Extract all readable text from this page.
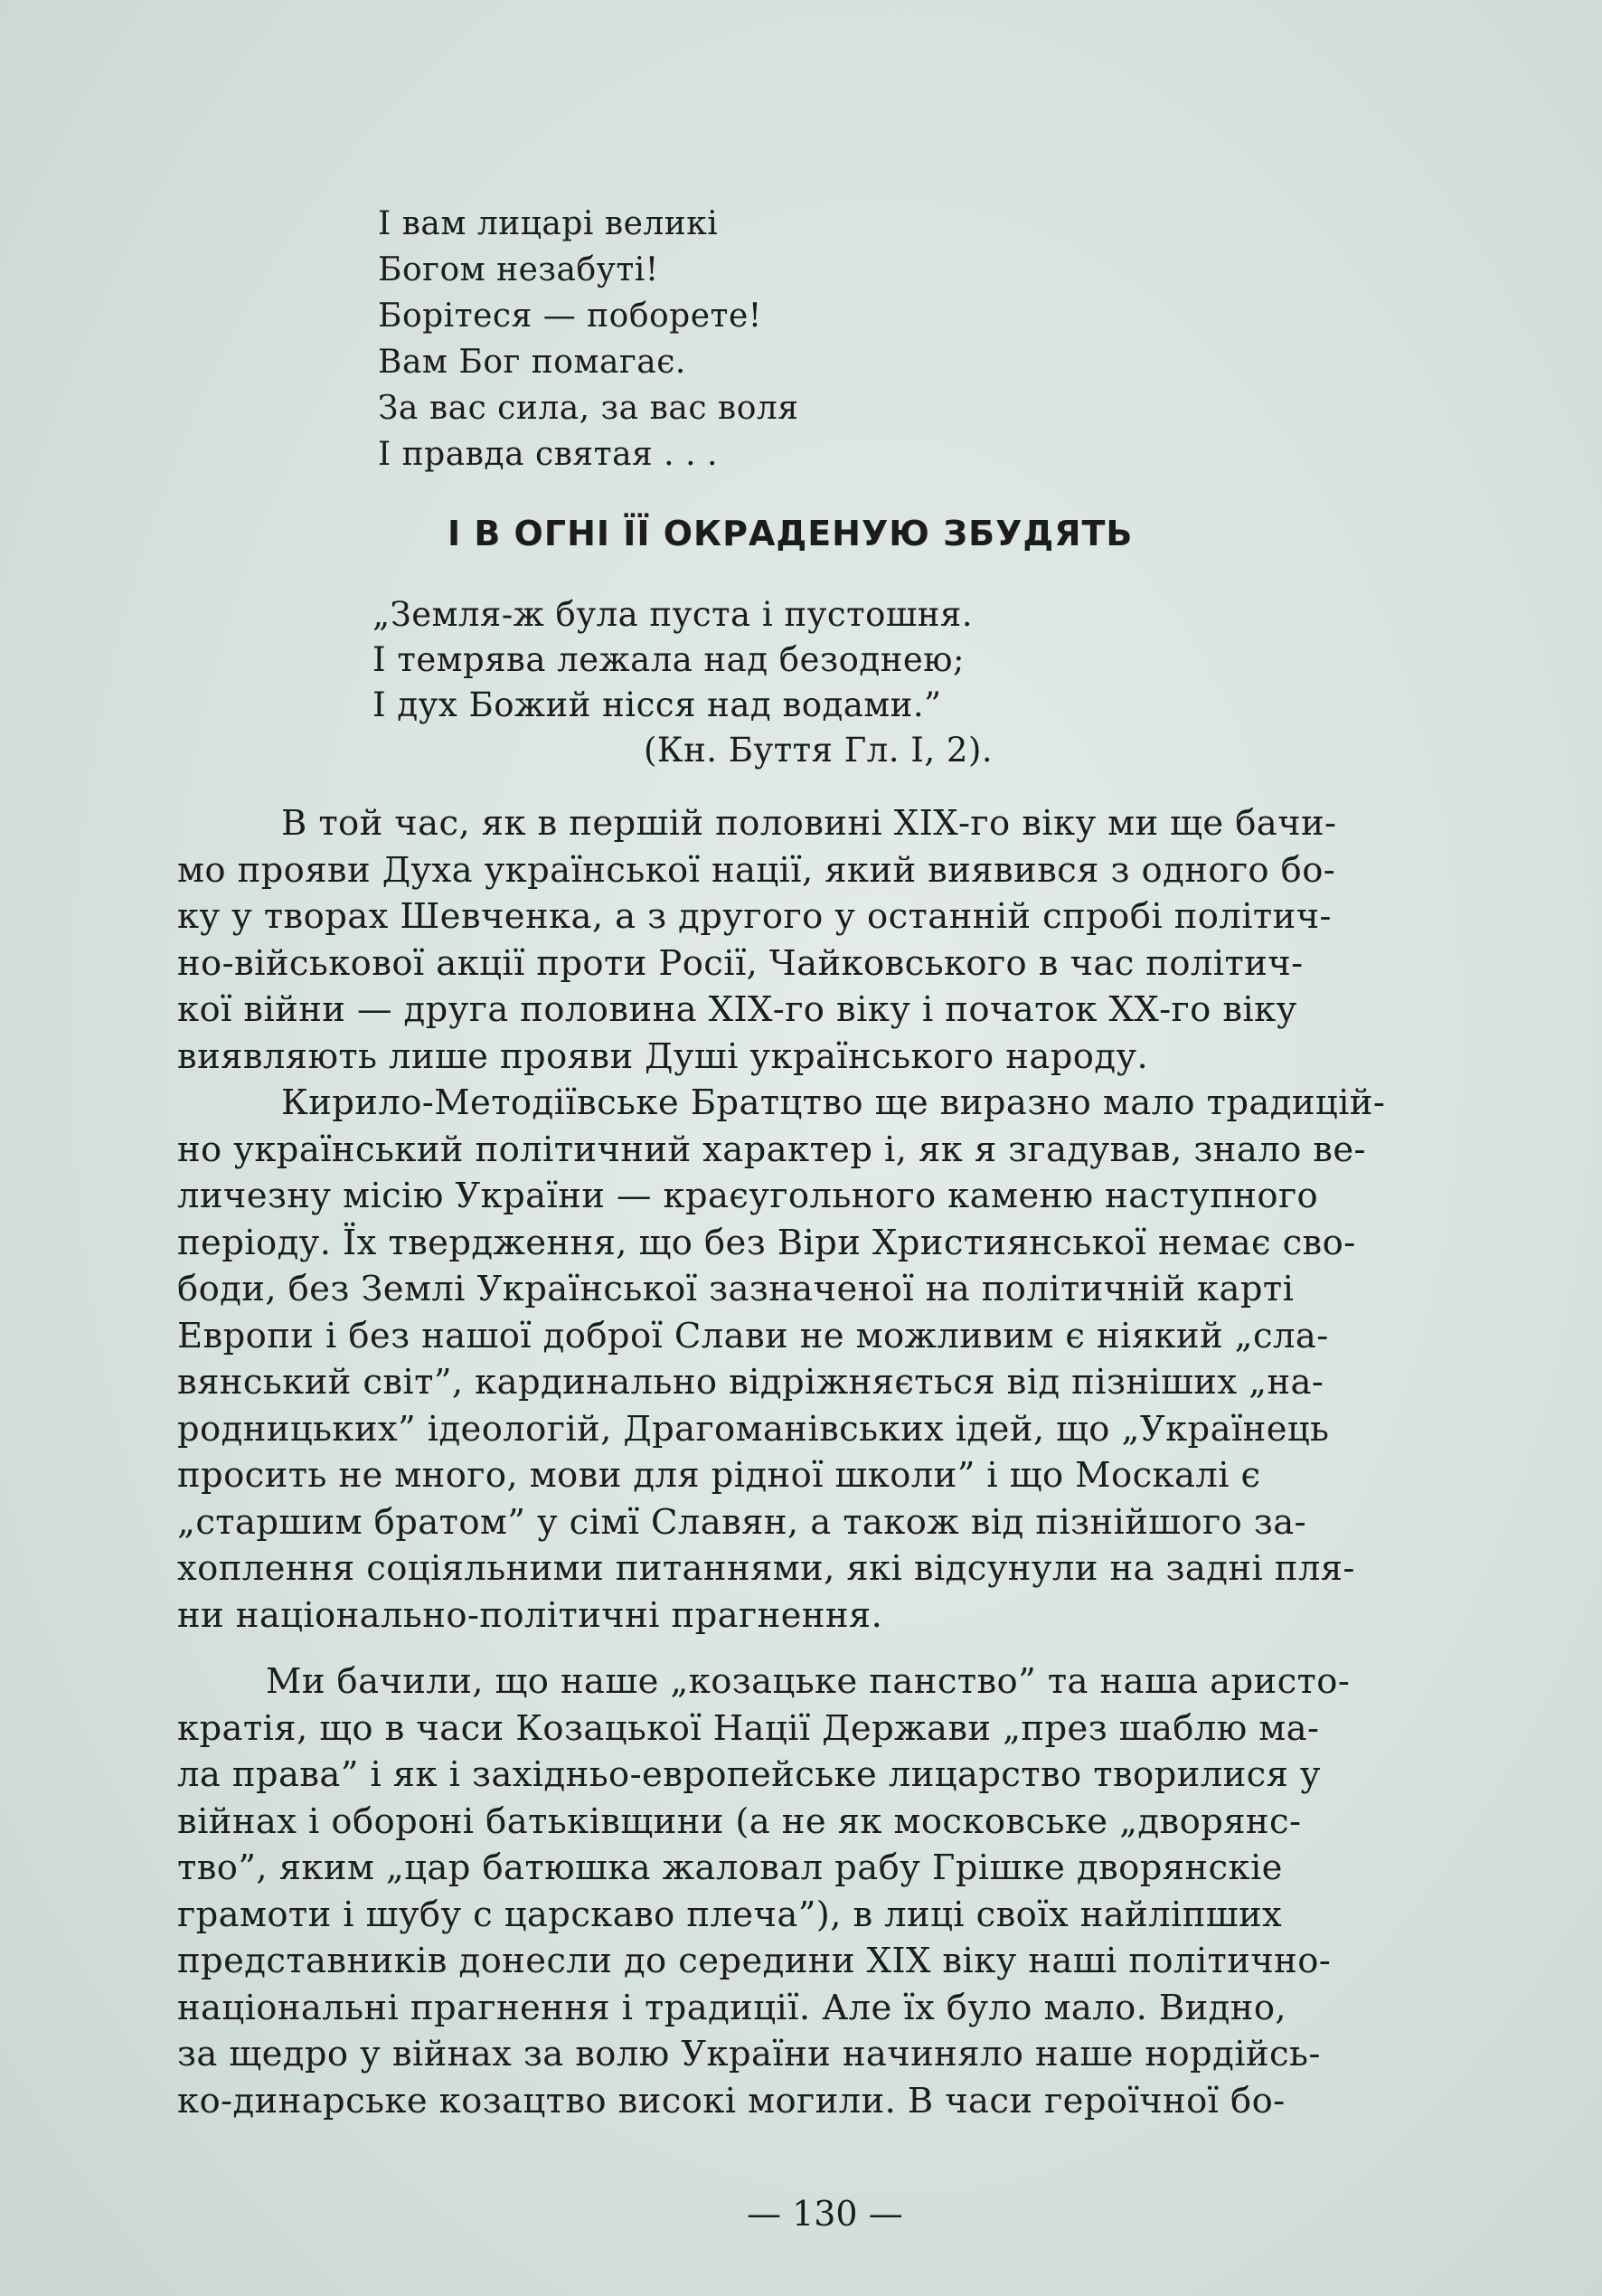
І вам лицарі великі
Богом незабуті!
Борітеся — поборете!
Вам Бог помагає.
За вас сила, за вас воля
І правда святая . . .
І В ОГНІ ЇЇ ОКРАДЕНУЮ ЗБУДЯТЬ
„Земля-ж була пуста і пустошня.
І темрява лежала над безоднею;
І дух Божий нісся над водами.”
(Кн. Буття Гл. І, 2).
В той час, як в першій половині ХІХ-го віку ми ще бачи-
мо прояви Духа української нації, який виявився з одного бо-
ку у творах Шевченка, а з другого у останній спробі політич-
но-військової акції проти Росії, Чайковського в час політич-
кої війни — друга половина ХІХ-го віку і початок ХХ-го віку
виявляють лише прояви Душі українського народу.
Кирило-Методіївське Братцтво ще виразно мало традицій-
но український політичний характер і, як я згадував, знало ве-
личезну місію України — краєугольного каменю наступного
періоду. Їх твердження, що без Віри Християнської немає сво-
боди, без Землі Української зазначеної на політичній карті
Европи і без нашої доброї Слави не можливим є ніякий „сла-
вянський світ”, кардинально відріжняється від пізніших „на-
родницьких” ідеологій, Драгоманівських ідей, що „Українець
просить не много, мови для рідної школи” і що Москалі є
„старшим братом” у сімї Славян, а також від пізнійшого за-
хоплення соціяльними питаннями, які відсунули на задні пля-
ни національно-політичні прагнення.
Ми бачили, що наше „козацьке панство” та наша аристо-
кратія, що в часи Козацької Нації Держави „през шаблю ма-
ла права” і як і західньо-европейське лицарство творилися у
війнах і обороні батьківщини (а не як московське „дворянс-
тво”, яким „цар батюшка жаловал рабу Грішке дворянскіе
грамоти і шубу с царскаво плеча”), в лиці своїх найліпших
представників донесли до середини ХІХ віку наші політично-
національні прагнення і традиції. Але їх було мало. Видно,
за щедро у війнах за волю України начиняло наше нордійсь-
ко-динарське козацтво високі могили. В часи героїчної бо-
— 130 —
